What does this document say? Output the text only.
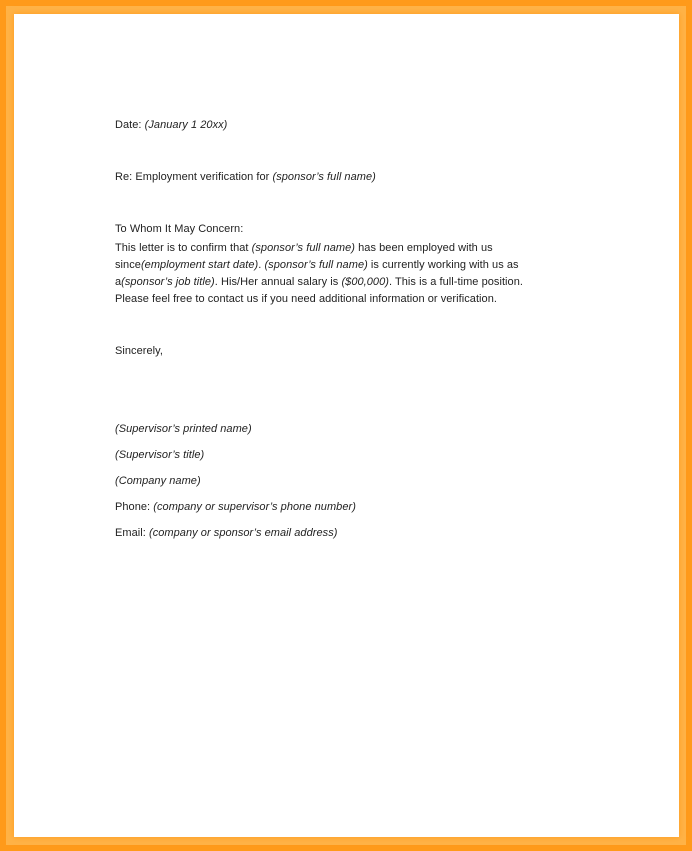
Date: (January 1 20xx)

Re: Employment verification for (sponsor’s full name)

To Whom It May Concern:

This letter is to confirm that (sponsor’s full name) has been employed with us since(employment start date). (sponsor’s full name) is currently working with us as a(sponsor’s job title). His/Her annual salary is ($00,000). This is a full-time position.

Please feel free to contact us if you need additional information or verification.

Sincerely,

(Supervisor’s printed name)

(Supervisor’s title)

(Company name)

Phone: (company or supervisor’s phone number)

Email: (company or sponsor’s email address)
